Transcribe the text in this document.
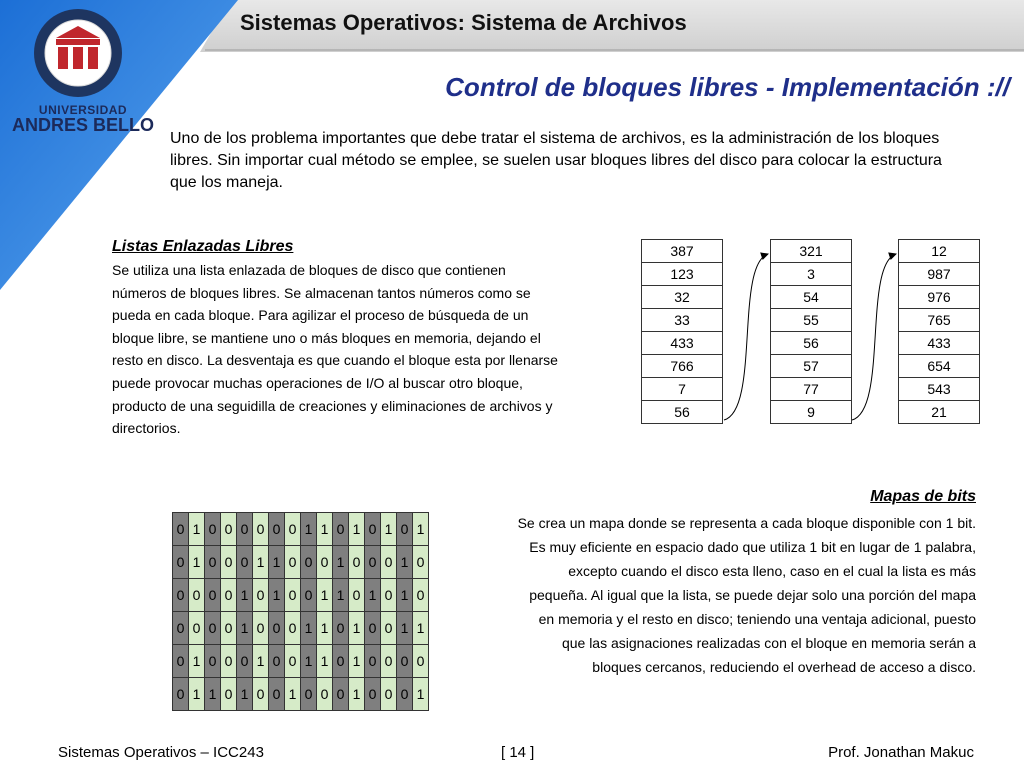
UNIVERSIDAD
ANDRES BELLO
Sistemas Operativos: Sistema de Archivos
Control de bloques libres - Implementación ://
Uno de los problema importantes que debe tratar el sistema de archivos, es la administración de los bloques libres. Sin importar cual método se emplee, se suelen usar bloques libres del disco para colocar la estructura que los maneja.
Listas Enlazadas Libres
Se utiliza una lista enlazada de bloques de disco que contienen números de bloques libres. Se almacenan tantos números como se pueda en cada bloque. Para agilizar el proceso de búsqueda de un bloque libre, se mantiene uno o más bloques en memoria, dejando el resto en disco. La desventaja es que cuando el bloque esta por llenarse puede provocar muchas operaciones de I/O al buscar otro bloque, producto de una seguidilla de creaciones y eliminaciones de archivos y directorios.
387
123
32
33
433
766
7
56
321
3
54
55
56
57
77
9
12
987
976
765
433
654
543
21
Mapas de bits
Se crea un mapa donde se representa a cada bloque disponible con 1 bit. Es muy eficiente en espacio dado que utiliza 1 bit en lugar de 1 palabra, excepto cuando el disco esta lleno, caso en el cual la lista es más pequeña. Al igual que la lista, se puede dejar solo una porción del mapa en memoria y el resto en disco; teniendo una ventaja adicional, puesto que las asignaciones realizadas con el bloque en memoria serán a bloques cercanos, reduciendo el overhead de acceso a disco.
0	1	0	0	0	0	0	0	1	1	0	1	0	1	0	1
0	1	0	0	0	1	1	0	0	0	1	0	0	0	1	0
0	0	0	0	1	0	1	0	0	1	1	0	1	0	1	0
0	0	0	0	1	0	0	0	1	1	0	1	0	0	1	1
0	1	0	0	0	1	0	0	1	1	0	1	0	0	0	0
0	1	1	0	1	0	0	1	0	0	0	1	0	0	0	1
Sistemas Operativos – ICC243	[ 14 ]	Prof. Jonathan Makuc
